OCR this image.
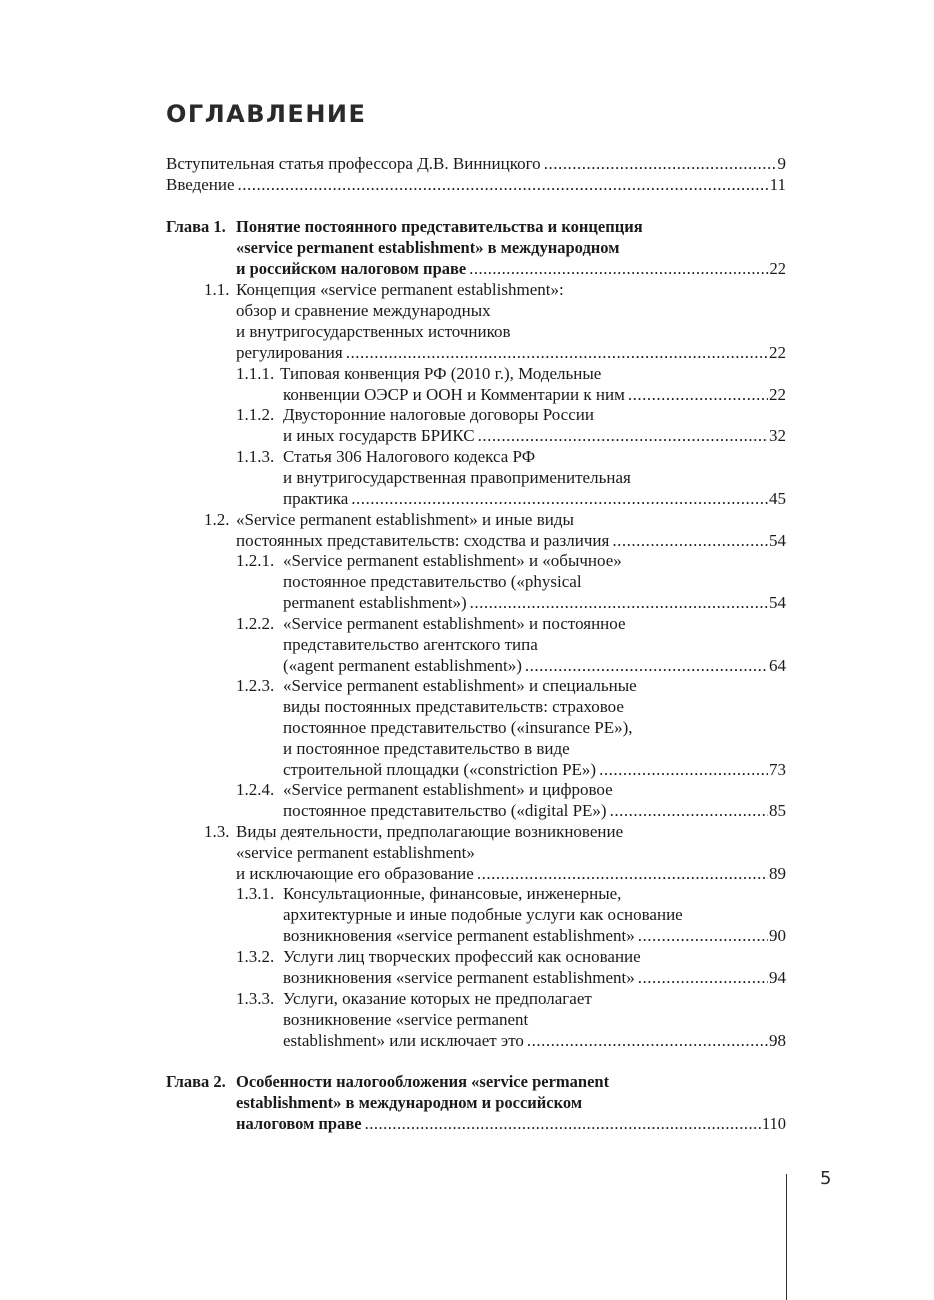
ОГЛАВЛЕНИЕ
Вступительная статья профессора Д.В. Винницкого .....	9
Введение .....	11
Глава 1. Понятие постоянного представительства и концепция
«service permanent establishment» в международном
и российском налоговом праве .....	22
1.1. Концепция «service permanent establishment»:
обзор и сравнение международных
и внутригосударственных источников
регулирования .....	22
1.1.1. Типовая конвенция РФ (2010 г.), Модельные
конвенции ОЭСР и ООН и Комментарии к ним .....	22
1.1.2. Двусторонние налоговые договоры России
и иных государств БРИКС .....	32
1.1.3. Статья 306 Налогового кодекса РФ
и внутригосударственная правоприменительная
практика .....	45
1.2. «Service permanent establishment» и иные виды
постоянных представительств: сходства и различия .....	54
1.2.1. «Service permanent establishment» и «обычное»
постоянное представительство («physical
permanent establishment») .....	54
1.2.2. «Service permanent establishment» и постоянное
представительство агентского типа
(«agent permanent establishment») .....	64
1.2.3. «Service permanent establishment» и специальные
виды постоянных представительств: страховое
постоянное представительство («insurance PE»),
и постоянное представительство в виде
строительной площадки («constriction PE») .....	73
1.2.4. «Service permanent establishment» и цифровое
постоянное представительство («digital PE») .....	85
1.3. Виды деятельности, предполагающие возникновение
«service permanent establishment»
и исключающие его образование .....	89
1.3.1. Консультационные, финансовые, инженерные,
архитектурные и иные подобные услуги как основание
возникновения «service permanent establishment» .....	90
1.3.2. Услуги лиц творческих профессий как основание
возникновения «service permanent establishment» .....	94
1.3.3. Услуги, оказание которых не предполагает
возникновение «service permanent
establishment» или исключает это .....	98
Глава 2. Особенности налогообложения «service permanent
establishment» в международном и российском
налоговом праве .....	110
5
